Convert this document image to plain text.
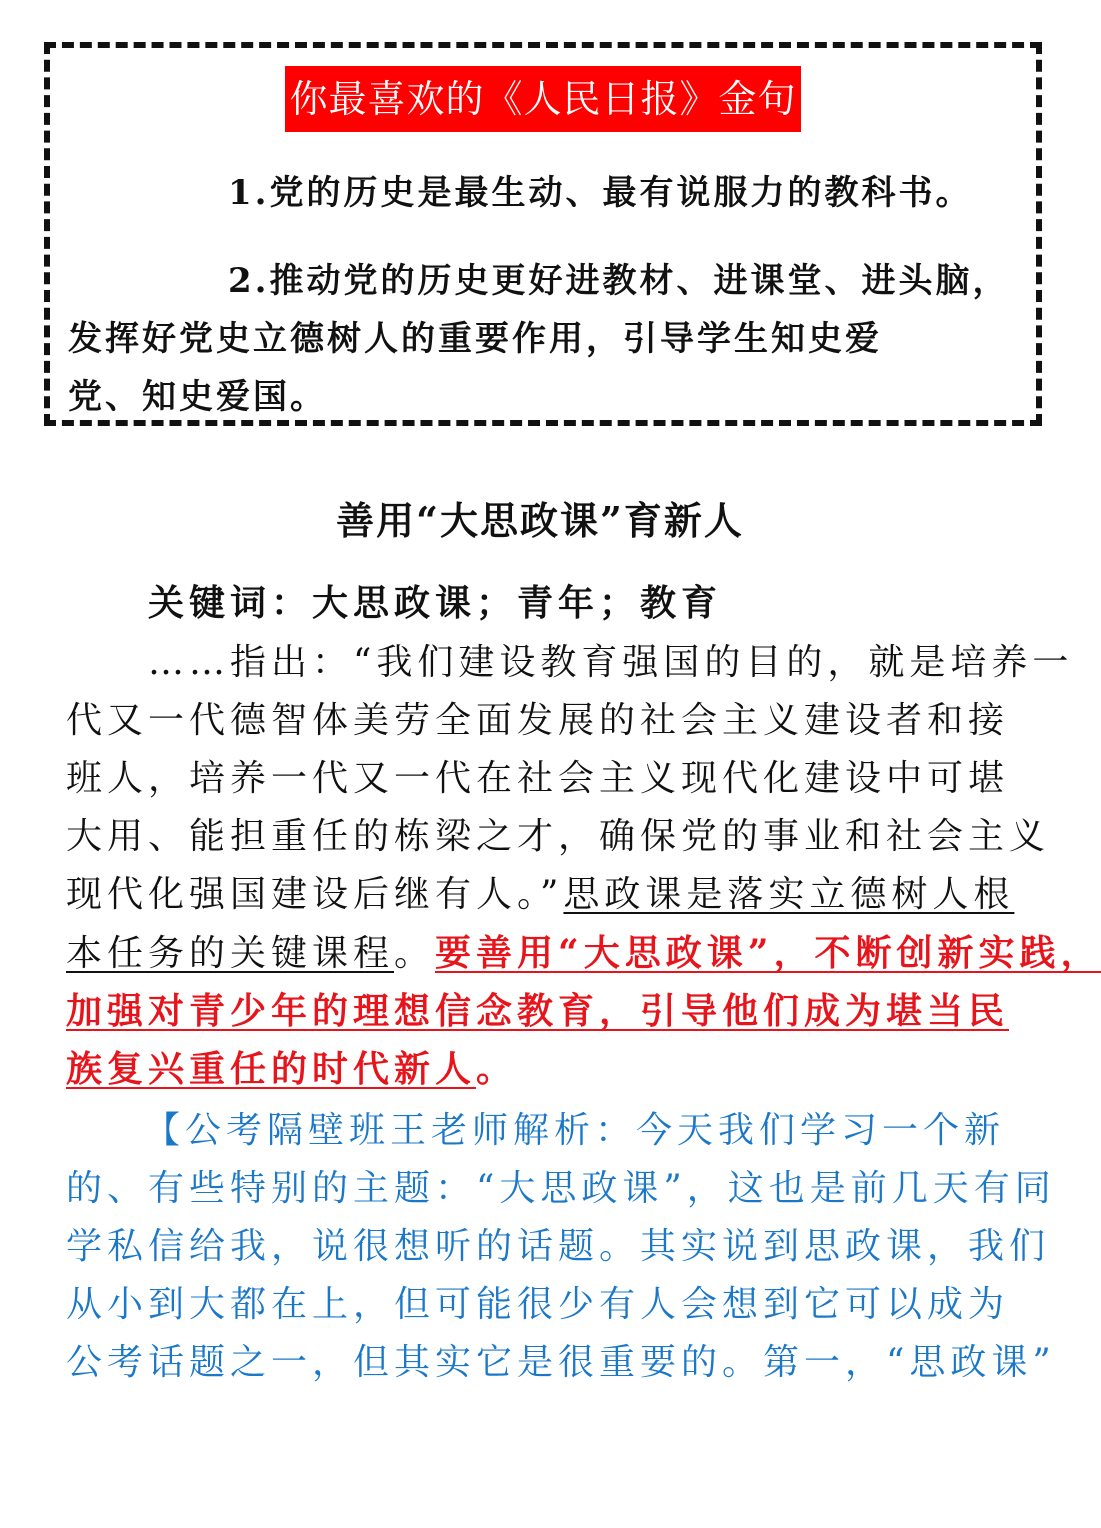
你最喜欢的《人民日报》金句
1.党的历史是最生动、最有说服力的教科书。
2.推动党的历史更好进教材、进课堂、进头脑，
发挥好党史立德树人的重要作用，引导学生知史爱
党、知史爱国。
善用“大思政课”育新人
关键词：大思政课；青年；教育
……指出：“我们建设教育强国的目的，就是培养一
代又一代德智体美劳全面发展的社会主义建设者和接
班人，培养一代又一代在社会主义现代化建设中可堪
大用、能担重任的栋梁之才，确保党的事业和社会主义
现代化强国建设后继有人。”思政课是落实立德树人根
本任务的关键课程。要善用“大思政课”，不断创新实践，
加强对青少年的理想信念教育，引导他们成为堪当民
族复兴重任的时代新人。
【公考隔壁班王老师解析：今天我们学习一个新
的、有些特别的主题：“大思政课”，这也是前几天有同
学私信给我，说很想听的话题。其实说到思政课，我们
从小到大都在上，但可能很少有人会想到它可以成为
公考话题之一，但其实它是很重要的。第一，“思政课”
